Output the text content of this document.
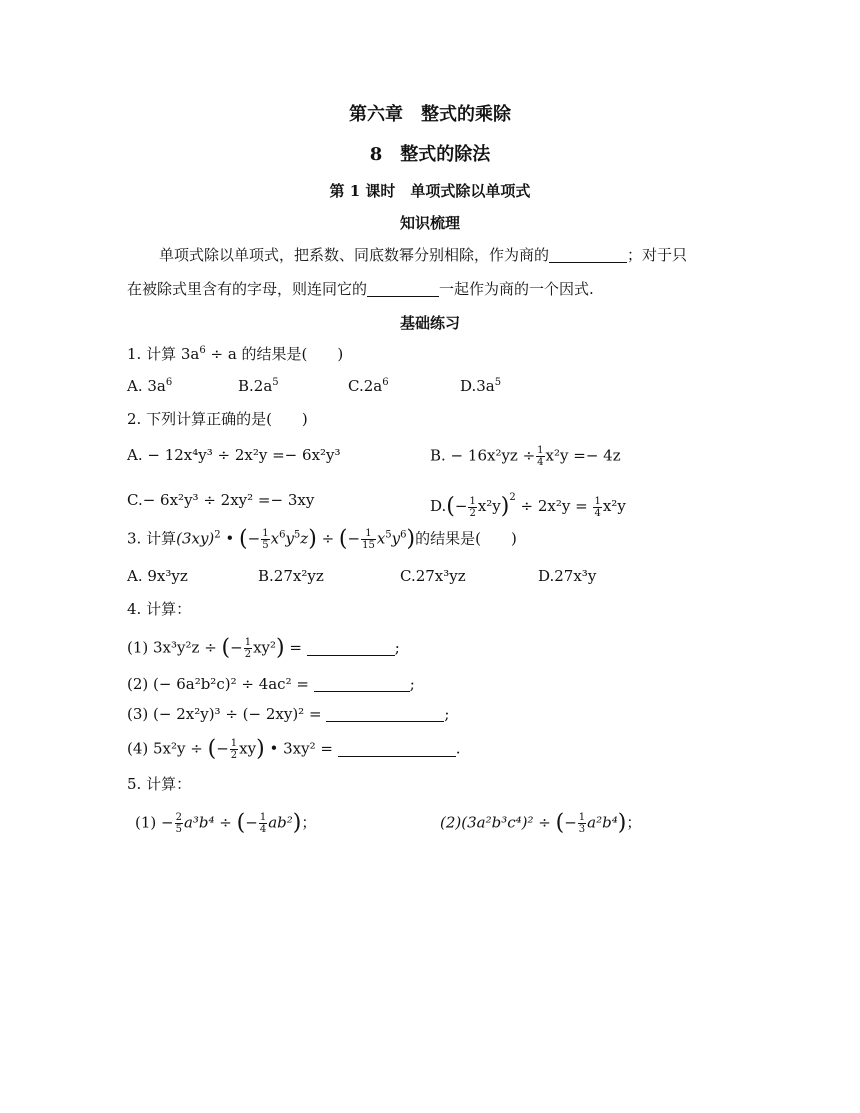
第六章　整式的乘除
8　整式的除法
第 1 课时　单项式除以单项式
知识梳理
单项式除以单项式，把系数、同底数幂分别相除，作为商的	；对于只
在被除式里含有的字母，则连同它的	一起作为商的一个因式.
基础练习
1. 计算 $3a^6 \div a$ 的结果是(　　)
A. $3a^6$	$B.2a^5$	$C.2a^6$	$D.3a^5$
2. 下列计算正确的是(　　)
A. − 12x⁴y³ ÷ 2x²y =− 6x²y³	B. − $16x^2yz \div \frac{1}{4} x^2y =- 4z$
C.− 6x²y³ ÷ 2xy² =− 3xy	$D.(- \frac{1}{2} x^2y)^2 \div 2x^2y = \frac{1}{4} x^2y$
3. 计算$(3xy)^2$ • (− $\frac{1}{5} x^6y^5z$) ÷ (− $\frac{1}{15} x^5y^6$)的结果是(　　)
A. 9x³yz	B.27x²yz	C.27x³yz	D.27x³y
4. 计算：
(1) 3x³y²z ÷ (− $\frac{1}{2} xy^2$) =	;
(2) (− 6a²b²c)² ÷ 4ac² =	;
(3) (− 2x²y)³ ÷ (− 2xy)² =	;
(4) 5x²y ÷ (− $\frac{1}{2} xy$) • 3xy² =	.
5. 计算：
$(1) - \frac{2}{5} a^3b^4$ ÷ (− $\frac{1}{4} ab^2$)；	(2)(3a²b³c⁴)² ÷ (− $\frac{1}{3} a^2b^4$)；
